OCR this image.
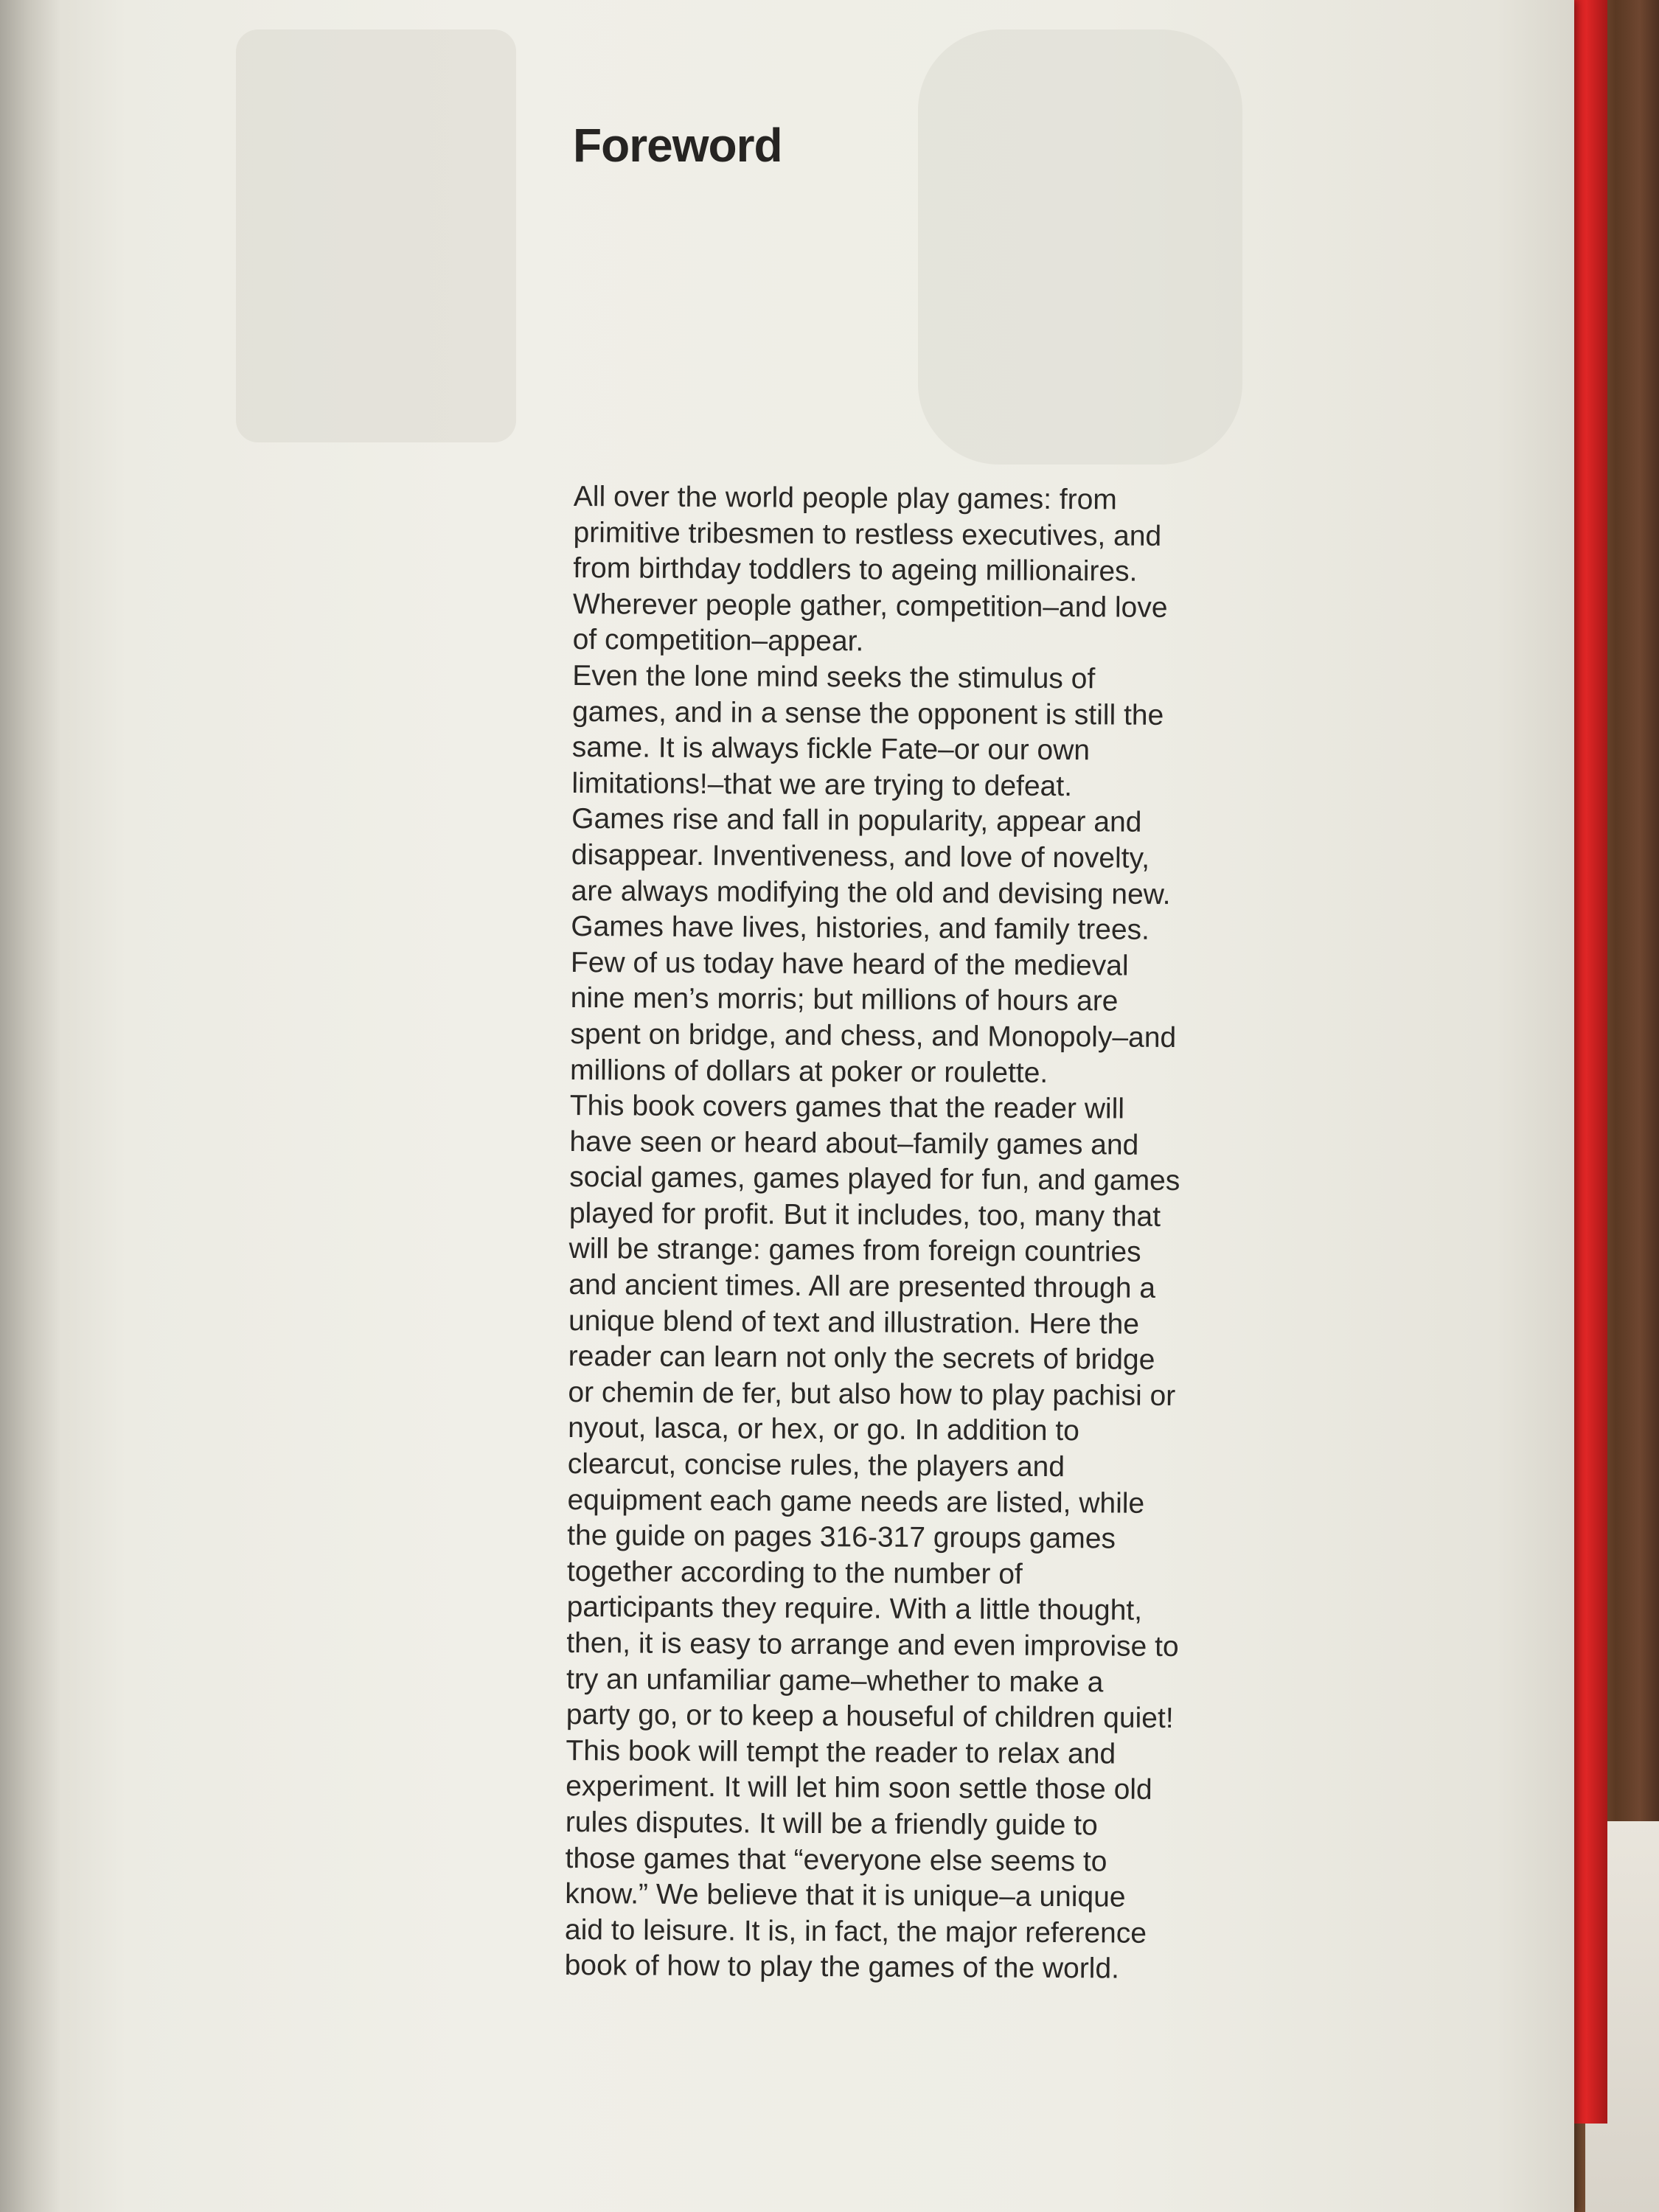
Foreword
All over the world people play games: from
primitive tribesmen to restless executives, and
from birthday toddlers to ageing millionaires.
Wherever people gather, competition–and love
of competition–appear.
Even the lone mind seeks the stimulus of
games, and in a sense the opponent is still the
same. It is always fickle Fate–or our own
limitations!–that we are trying to defeat.
Games rise and fall in popularity, appear and
disappear. Inventiveness, and love of novelty,
are always modifying the old and devising new.
Games have lives, histories, and family trees.
Few of us today have heard of the medieval
nine men’s morris; but millions of hours are
spent on bridge, and chess, and Monopoly–and
millions of dollars at poker or roulette.
This book covers games that the reader will
have seen or heard about–family games and
social games, games played for fun, and games
played for profit. But it includes, too, many that
will be strange: games from foreign countries
and ancient times. All are presented through a
unique blend of text and illustration. Here the
reader can learn not only the secrets of bridge
or chemin de fer, but also how to play pachisi or
nyout, lasca, or hex, or go. In addition to
clearcut, concise rules, the players and
equipment each game needs are listed, while
the guide on pages 316-317 groups games
together according to the number of
participants they require. With a little thought,
then, it is easy to arrange and even improvise to
try an unfamiliar game–whether to make a
party go, or to keep a houseful of children quiet!
This book will tempt the reader to relax and
experiment. It will let him soon settle those old
rules disputes. It will be a friendly guide to
those games that “everyone else seems to
know.” We believe that it is unique–a unique
aid to leisure. It is, in fact, the major reference
book of how to play the games of the world.
